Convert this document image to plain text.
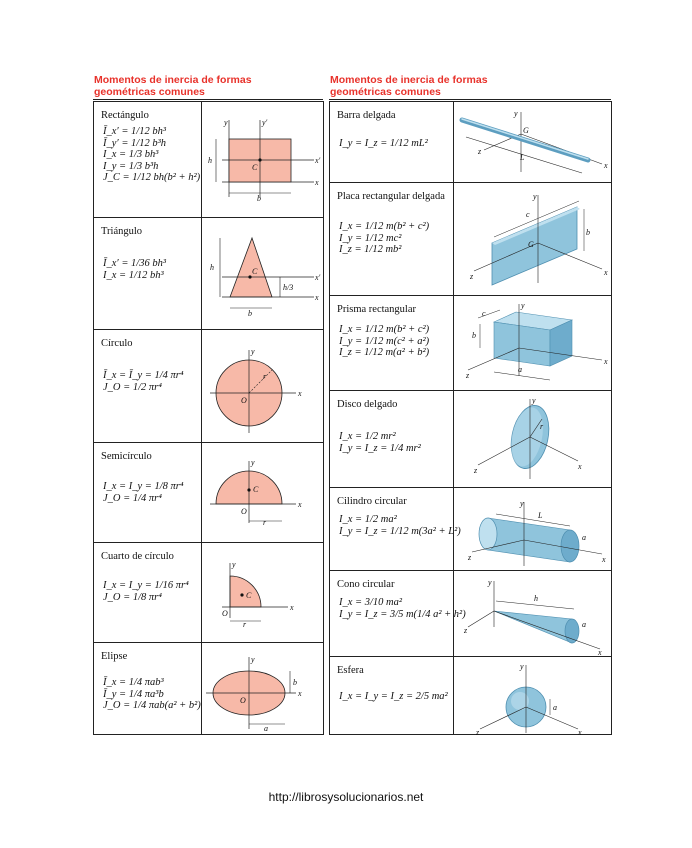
Momentos de inercia de formas
geométricas comunes
Momentos de inercia de formas
geométricas comunes
Rectángulo
Ī_x′ = 1/12 bh³
Ī_y′ = 1/12 b³h
I_x = 1/3 bh³
I_y = 1/3 b³h
J_C = 1/12 bh(b² + h²)
y	y′
x′
x
h
b
C
Triángulo
Ī_x′ = 1/36 bh³
I_x = 1/12 bh³
h	C
x′
h/3
x
b
Círculo
Ī_x = Ī_y = 1/4 πr⁴
J_O = 1/2 πr⁴
y
x
r
O
Semicírculo
I_x = I_y = 1/8 πr⁴
J_O = 1/4 πr⁴
y
C
x
O
r
Cuarto de círculo
I_x = I_y = 1/16 πr⁴
J_O = 1/8 πr⁴
y
C
O
x
r
Elipse
Ī_x = 1/4 πab³
Ī_y = 1/4 πa³b
J_O = 1/4 πab(a² + b²)
y
O
x
b
a
Barra delgada
I_y = I_z = 1/12 mL²
y
G
L
z
x
Placa rectangular delgada
I_x = 1/12 m(b² + c²)
I_y = 1/12 mc²
I_z = 1/12 mb²
y
c
G
b
z	x
Prisma rectangular
I_x = 1/12 m(b² + c²)
I_y = 1/12 m(c² + a²)
I_z = 1/12 m(a² + b²)
y
c
b
z
a
x
Disco delgado
I_x = 1/2 mr²
I_y = I_z = 1/4 mr²
y
r
z	x
Cilindro circular
I_x = 1/2 ma²
I_y = I_z = 1/12 m(3a² + L²)
y
L
a
z	x
Cono circular
I_x = 3/10 ma²
I_y = I_z = 3/5 m(1/4 a² + h²)
y
h
a
z
x
Esfera
I_x = I_y = I_z = 2/5 ma²
y
a
z	x
http://librosysolucionarios.net
